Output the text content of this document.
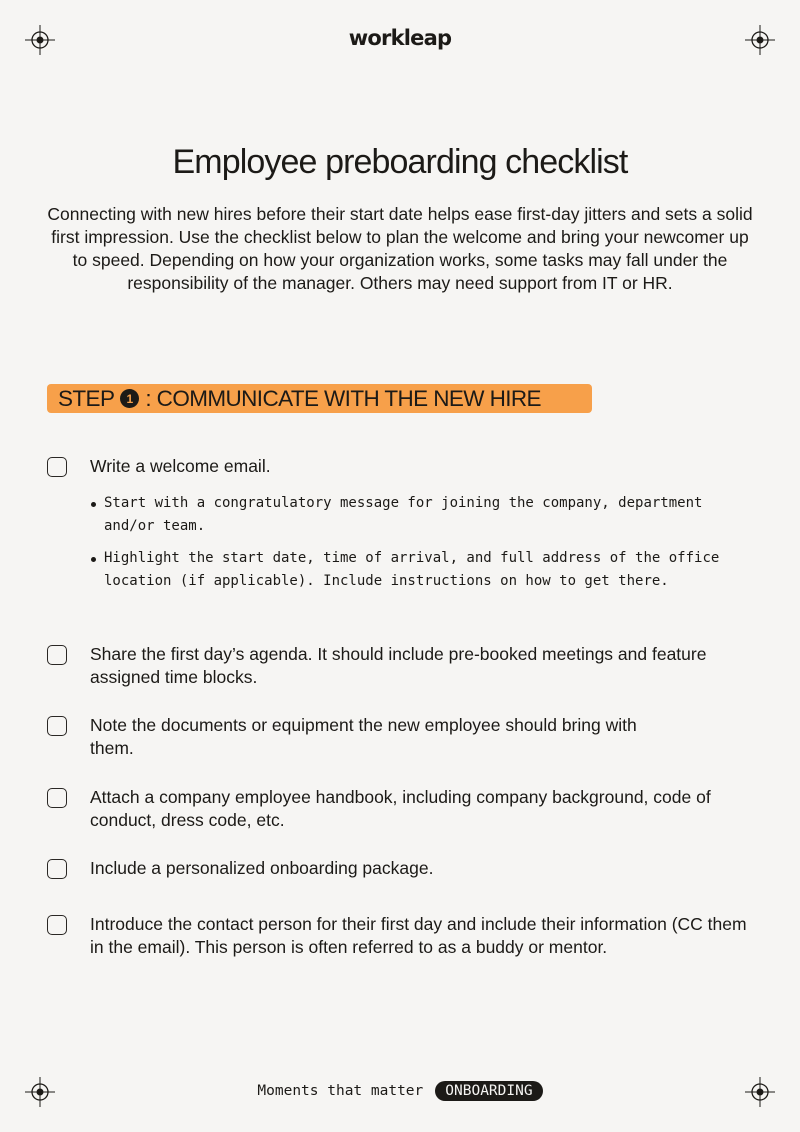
workleap
Employee preboarding checklist

Connecting with new hires before their start date helps ease first-day jitters and sets a solid first impression. Use the checklist below to plan the welcome and bring your newcomer up to speed. Depending on how your organization works, some tasks may fall under the responsibility of the manager. Others may need support from IT or HR.

STEP	1 : COMMUNICATE WITH THE NEW HIRE
Write a welcome email.
Start with a congratulatory message for joining the company, department and/or team.
Highlight the start date, time of arrival, and full address of the office location (if applicable). Include instructions on how to get there.
Share the first day’s agenda. It should include pre-booked meetings and feature assigned time blocks.
Note the documents or equipment the new employee should bring with them.
Attach a company employee handbook, including company background, code of conduct, dress code, etc.
Include a personalized onboarding package.
Introduce the contact person for their first day and include their information (CC them in the email). This person is often referred to as a buddy or mentor.
Moments that matter	ONBOARDING
